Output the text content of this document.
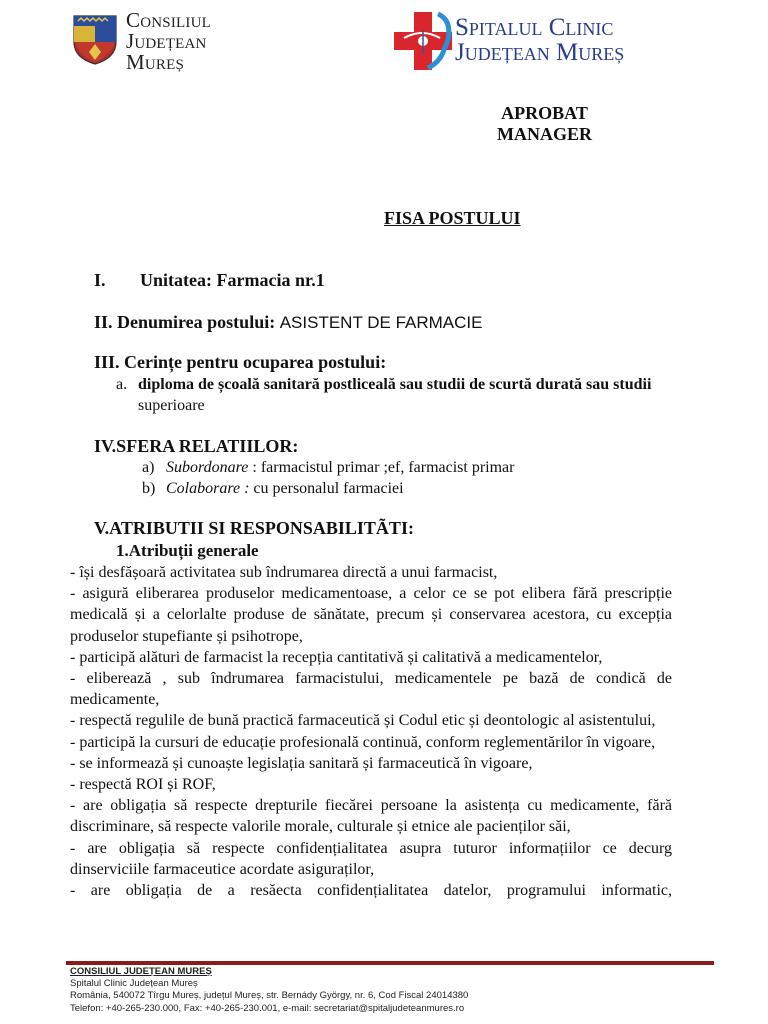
Consiliul
Județean
Mureș
Spitalul Clinic
Județean Mureș
APROBAT
MANAGER
FISA POSTULUI
I. Unitatea: Farmacia nr.1
II. Denumirea postului: ASISTENT DE FARMACIE
III. Cerințe pentru ocuparea postului:
a. diploma de școală sanitară postliceală sau studii de scurtă durată sau studii
superioare
IV.SFERA RELATIILOR:
a) Subordonare : farmacistul primar ;ef, farmacist primar
b) Colaborare : cu personalul farmaciei
V.ATRIBUTII SI RESPONSABILITÃTI:
1.Atribuții generale
- își desfășoară activitatea sub îndrumarea directă a unui farmacist,
- asigură eliberarea produselor medicamentoase, a celor ce se pot elibera fără prescripție medicală și a celorlalte produse de sănătate, precum și conservarea acestora, cu excepția produselor stupefiante și psihotrope,
- participă alături de farmacist la recepția cantitativă și calitativă a medicamentelor,
- eliberează , sub îndrumarea farmacistului, medicamentele pe bază de condică de medicamente,
- respectă regulile de bună practică farmaceutică și Codul etic și deontologic al asistentului,
- participă la cursuri de educație profesională continuă, conform reglementărilor în vigoare,
- se informează și cunoaște legislația sanitară și farmaceutică în vigoare,
- respectă ROI și ROF,
- are obligația să respecte drepturile fiecărei persoane la asistența cu medicamente, fără discriminare, să respecte valorile morale, culturale și etnice ale pacienților săi,
- are obligația să respecte confidențialitatea asupra tuturor informațiilor ce decurg dinserviciile farmaceutice acordate asiguraților,
- are obligația de a resăecta confidențialitatea datelor, programului informatic,
CONSILIUL JUDEȚEAN MUREȘ
Spitalul Clinic Județean Mureș
România, 540072 Tîrgu Mureș, județul Mureș, str. Bernády György, nr. 6, Cod Fiscal 24014380
Telefon: +40-265-230.000, Fax: +40-265-230.001, e-mail: secretariat@spitaljudeteanmures.ro
